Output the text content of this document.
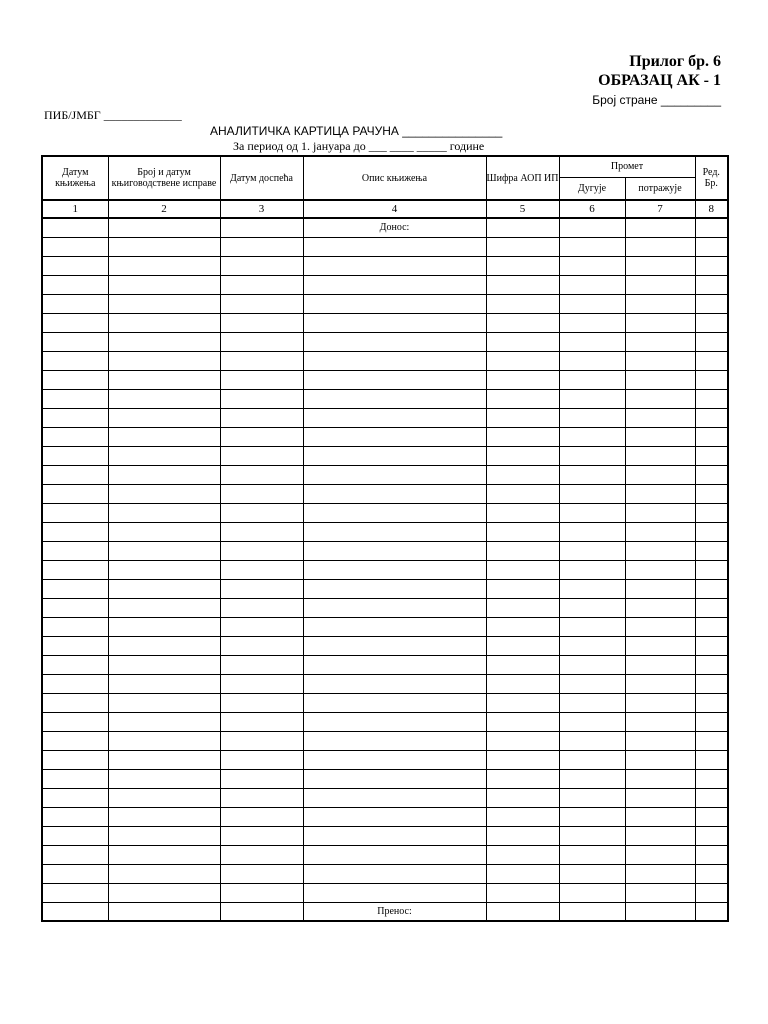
Прилог бр. 6
ОБРАЗАЦ АК - 1
Број стране _________
ПИБ/ЈМБГ _____________
АНАЛИТИЧКА КАРТИЦА РАЧУНА _______________
За период од 1. јануара до ___ ____ _____ године
Датум књижења	Број и датум књиговодствене исправе	Датум доспећа	Опис књижења	Шифра АОП ИП	Промет		Ред. Бр.
					Дугује	потражује	
1	2	3	4	5	6	7	8
			Донос:				

			Пренос:				
